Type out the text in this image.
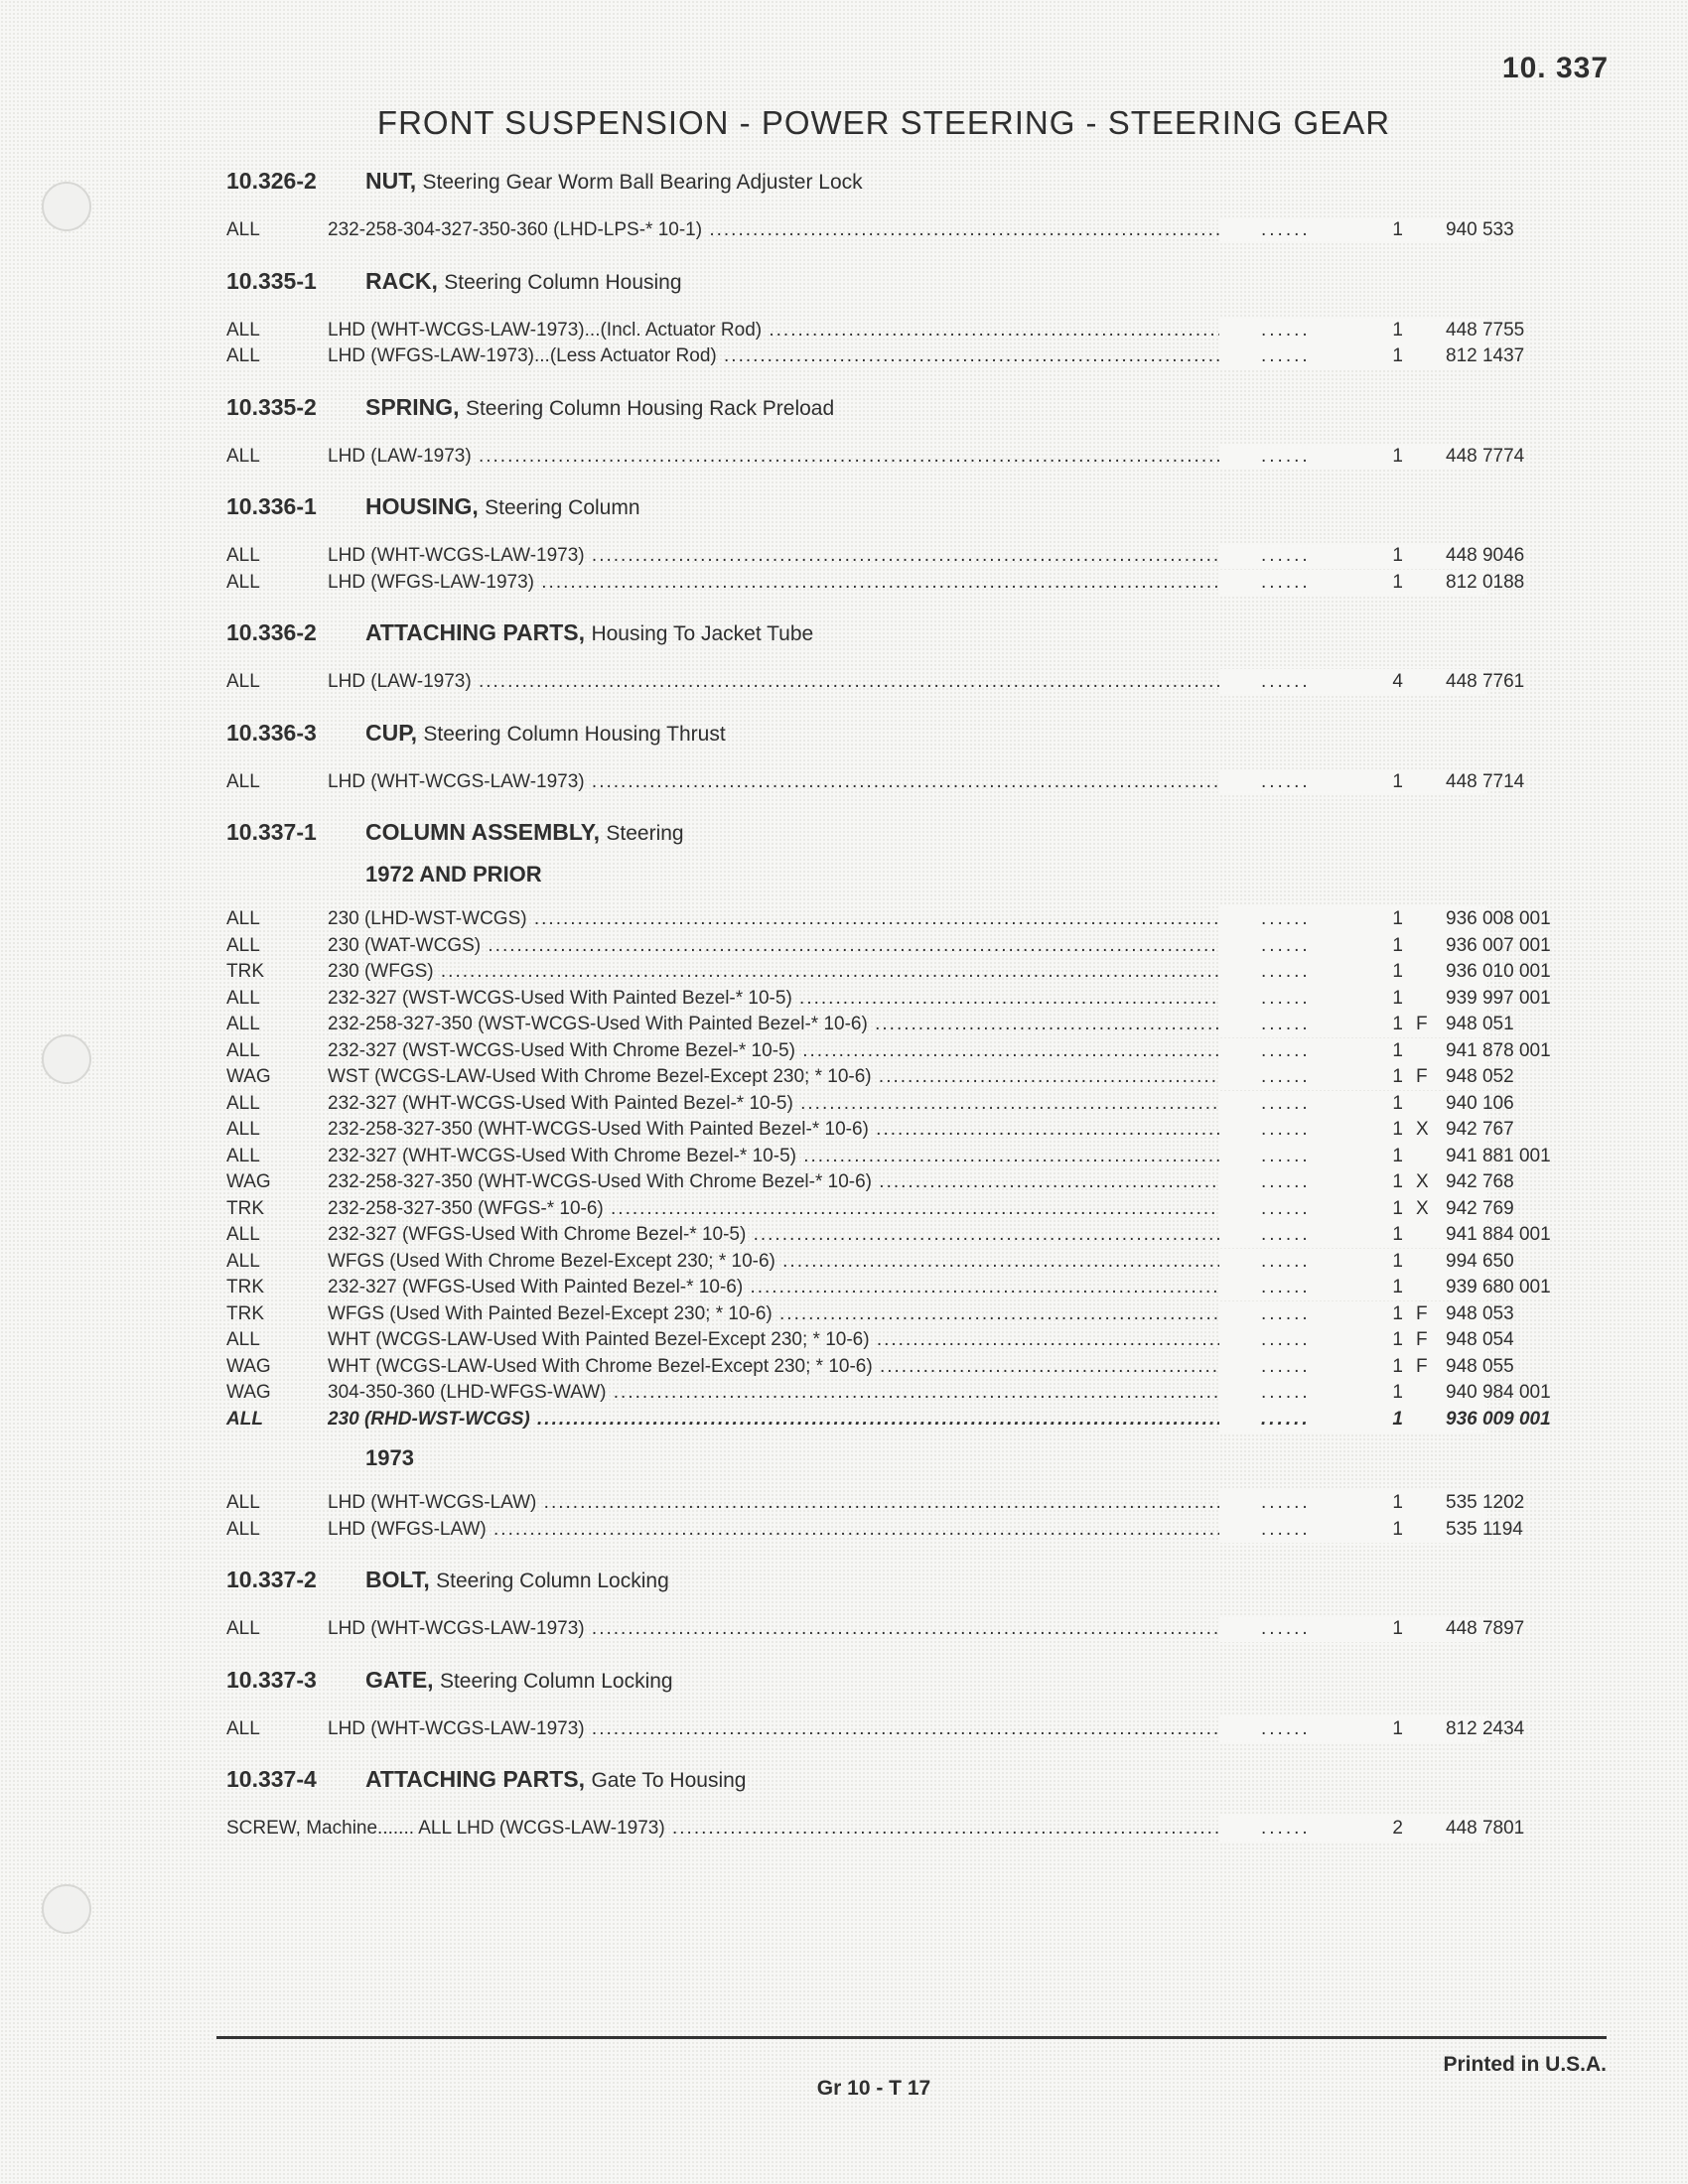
10. 337
FRONT SUSPENSION - POWER STEERING - STEERING GEAR
10.326-2 NUT, Steering Gear Worm Ball Bearing Adjuster Lock
ALL	232-258-304-327-350-360 (LHD-LPS-* 10-1) .....	......	1 940 533
10.335-1 RACK, Steering Column Housing
ALL	LHD (WHT-WCGS-LAW-1973)...(Incl. Actuator Rod) .....	......	1 448 7755
ALL	LHD (WFGS-LAW-1973)...(Less Actuator Rod) .....	......	1 812 1437
10.335-2 SPRING, Steering Column Housing Rack Preload
ALL	LHD (LAW-1973) .....	......	1 448 7774
10.336-1 HOUSING, Steering Column
ALL	LHD (WHT-WCGS-LAW-1973) .....	......	1 448 9046
ALL	LHD (WFGS-LAW-1973) .....	......	1 812 0188
10.336-2 ATTACHING PARTS, Housing To Jacket Tube
ALL	LHD (LAW-1973) .....	......	4 448 7761
10.336-3 CUP, Steering Column Housing Thrust
ALL	LHD (WHT-WCGS-LAW-1973) .....	......	1 448 7714
10.337-1 COLUMN ASSEMBLY, Steering
1972 AND PRIOR
ALL	230 (LHD-WST-WCGS) .....	......	1 936 008 001
ALL	230 (WAT-WCGS) .....	......	1 936 007 001
TRK	230 (WFGS) .....	......	1 936 010 001
ALL	232-327 (WST-WCGS-Used With Painted Bezel-* 10-5) .....	......	1 939 997 001
ALL	232-258-327-350 (WST-WCGS-Used With Painted Bezel-* 10-6) .....	......	1 F 948 051
ALL	232-327 (WST-WCGS-Used With Chrome Bezel-* 10-5) .....	......	1 941 878 001
WAG	WST (WCGS-LAW-Used With Chrome Bezel-Except 230; * 10-6) .....	......	1 F 948 052
ALL	232-327 (WHT-WCGS-Used With Painted Bezel-* 10-5) .....	......	1 940 106
ALL	232-258-327-350 (WHT-WCGS-Used With Painted Bezel-* 10-6) .....	......	1 X 942 767
ALL	232-327 (WHT-WCGS-Used With Chrome Bezel-* 10-5) .....	......	1 941 881 001
WAG	232-258-327-350 (WHT-WCGS-Used With Chrome Bezel-* 10-6) .....	......	1 X 942 768
TRK	232-258-327-350 (WFGS-* 10-6) .....	......	1 X 942 769
ALL	232-327 (WFGS-Used With Chrome Bezel-* 10-5) .....	......	1 941 884 001
ALL	WFGS (Used With Chrome Bezel-Except 230; * 10-6) .....	......	1 994 650
TRK	232-327 (WFGS-Used With Painted Bezel-* 10-6) .....	......	1 939 680 001
TRK	WFGS (Used With Painted Bezel-Except 230; * 10-6) .....	......	1 F 948 053
ALL	WHT (WCGS-LAW-Used With Painted Bezel-Except 230; * 10-6) .....	......	1 F 948 054
WAG	WHT (WCGS-LAW-Used With Chrome Bezel-Except 230; * 10-6) .....	......	1 F 948 055
WAG	304-350-360 (LHD-WFGS-WAW) .....	......	1 940 984 001
ALL	230 (RHD-WST-WCGS) .....	......	1 936 009 001
1973
ALL	LHD (WHT-WCGS-LAW) .....	......	1 535 1202
ALL	LHD (WFGS-LAW) .....	......	1 535 1194
10.337-2 BOLT, Steering Column Locking
ALL	LHD (WHT-WCGS-LAW-1973) .....	......	1 448 7897
10.337-3 GATE, Steering Column Locking
ALL	LHD (WHT-WCGS-LAW-1973) .....	......	1 812 2434
10.337-4 ATTACHING PARTS, Gate To Housing
SCREW, Machine....... ALL LHD (WCGS-LAW-1973) .....	......	2 448 7801
Printed in U.S.A.
Gr 10 - T 17
